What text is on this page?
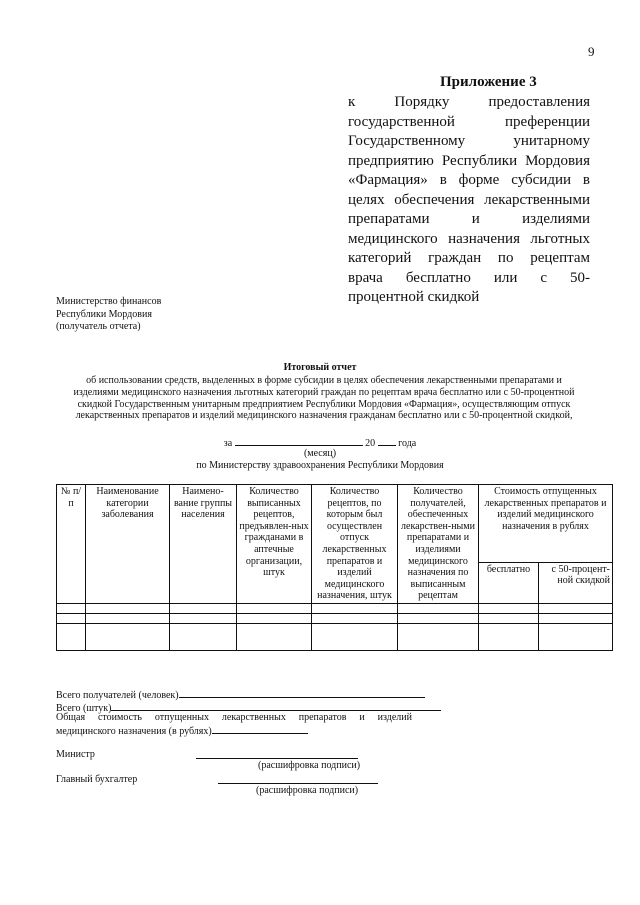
9
Приложение 3
к Порядку предоставления
государственной преференции
Государственному унитарному
предприятию Республики Мордовия
«Фармация» в форме субсидии в
целях обеспечения лекарственными
препаратами и изделиями
медицинского назначения льготных
категорий граждан по рецептам
врача бесплатно или с 50-
процентной скидкой
Министерство финансов
Республики Мордовия
(получатель отчета)
Итоговый отчет
об использовании средств, выделенных в форме субсидии в целях обеспечения лекарственными препаратами и изделиями медицинского назначения льготных категорий граждан по рецептам врача бесплатно или с 50-процентной скидкой Государственным унитарным предприятием Республики Мордовия «Фармация», осуществляющим отпуск лекарственных препаратов и изделий медицинского назначения гражданам бесплатно или с 50-процентной скидкой,
за	20 года
(месяц)
по Министерству здравоохранения Республики Мордовия
№ п/п	Наименование категории заболевания	Наимено-вание группы населения	Количество выписанных рецептов, предъявлен-ных гражданами в аптечные организации, штук	Количество рецептов, по которым был осуществлен отпуск лекарственных препаратов и изделий медицинского назначения, штук	Количество получателей, обеспеченных лекарствен-ными препаратами и изделиями медицинского назначения по выписанным рецептам	Стоимость отпущенных лекарственных препаратов и изделий медицинского назначения в рублях	
						бесплатно	с 50-процент-ной скидкой

Всего получателей (человек)
Всего (штук)
Общая стоимость отпущенных лекарственных препаратов и изделий
медицинского назначения (в рублях)
Министр
(расшифровка подписи)
Главный бухгалтер
(расшифровка подписи)
